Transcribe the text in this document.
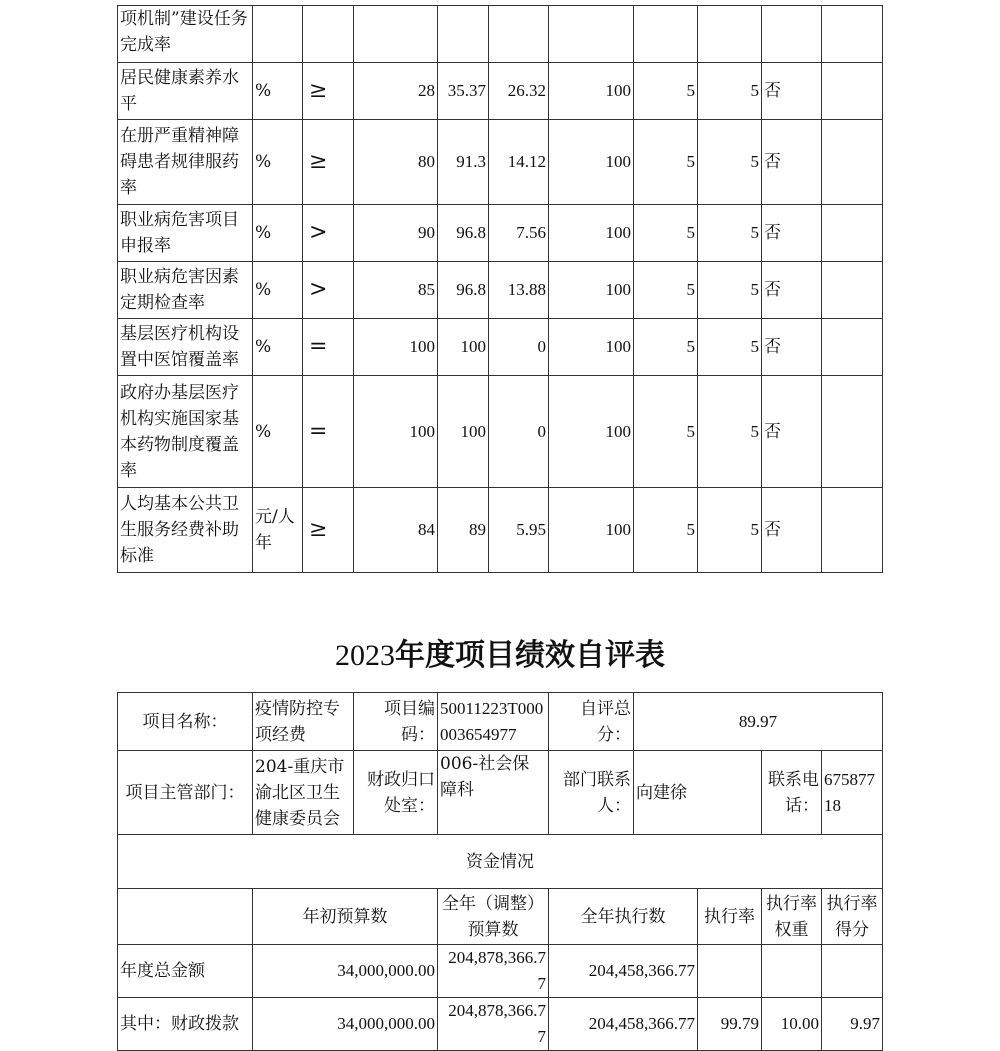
项机制”建设任务完成率										
居民健康素养水平	%	≥	28	35.37	26.32	100	5	5	否	
在册严重精神障碍患者规律服药率	%	≥	80	91.3	14.12	100	5	5	否	
职业病危害项目申报率	%	>	90	96.8	7.56	100	5	5	否	
职业病危害因素定期检查率	%	>	85	96.8	13.88	100	5	5	否	
基层医疗机构设置中医馆覆盖率	%	=	100	100	0	100	5	5	否	
政府办基层医疗机构实施国家基本药物制度覆盖率	%	=	100	100	0	100	5	5	否	
人均基本公共卫生服务经费补助标准	元/人年	≥	84	89	5.95	100	5	5	否	
2023年度项目绩效自评表
项目名称：	疫情防控专项经费	项目编码：	50011223T000003654977	自评总分：	89.97			
项目主管部门：	204-重庆市渝北区卫生健康委员会	财政归口处室：	006-社会保障科	部门联系人：	向建徐		联系电话：	67587718
资金情况								
	年初预算数		全年（调整）预算数	全年执行数		执行率	执行率权重	执行率得分
年度总金额	34,000,000.00		204,878,366.77	204,458,366.77				
其中：财政拨款	34,000,000.00		204,878,366.77	204,458,366.77		99.79	10.00	9.97
